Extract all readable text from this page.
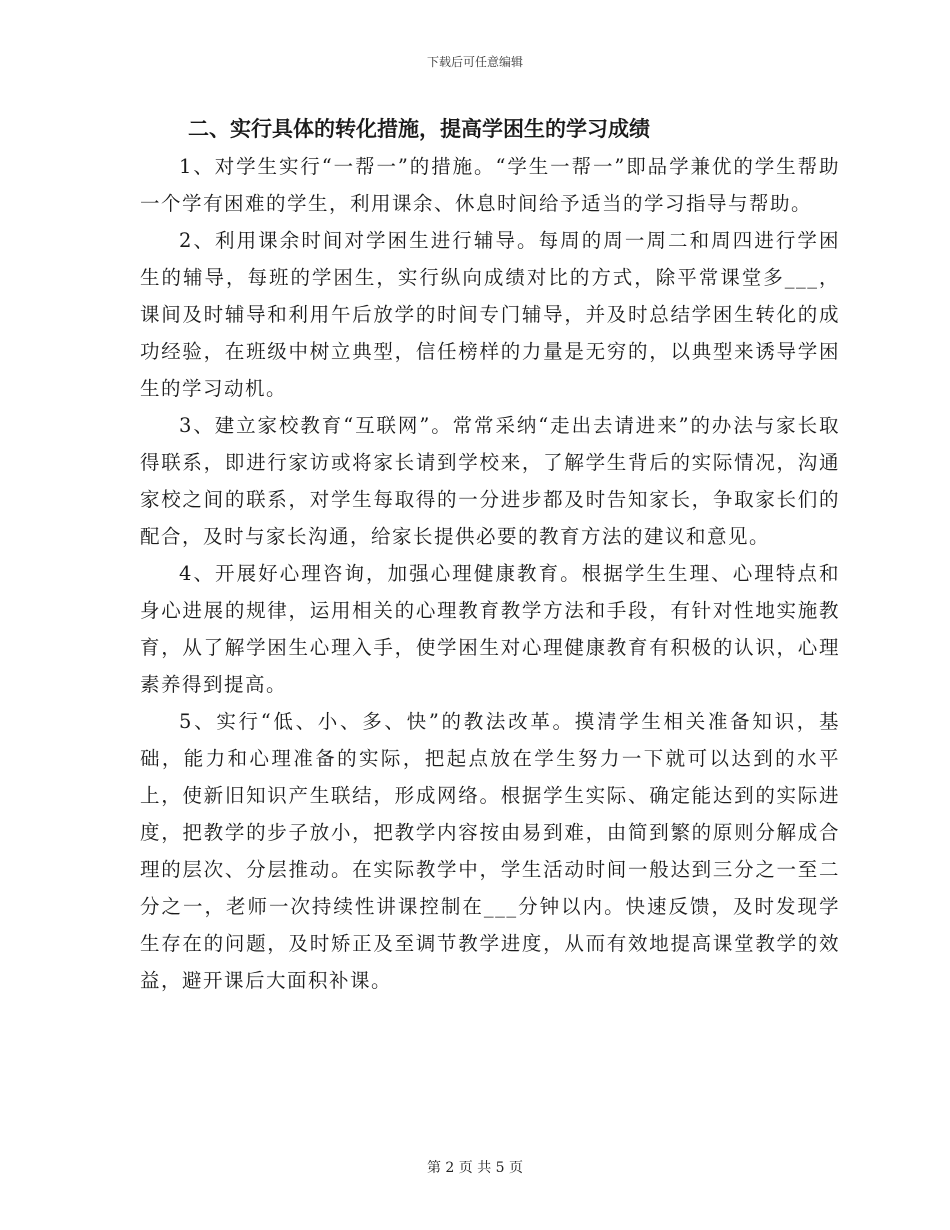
下载后可任意编辑
二、实行具体的转化措施，提高学困生的学习成绩

1、对学生实行“一帮一”的措施。“学生一帮一”即品学兼优的学生帮助一个学有困难的学生，利用课余、休息时间给予适当的学习指导与帮助。

2、利用课余时间对学困生进行辅导。每周的周一周二和周四进行学困生的辅导，每班的学困生，实行纵向成绩对比的方式，除平常课堂多___，课间及时辅导和利用午后放学的时间专门辅导，并及时总结学困生转化的成功经验，在班级中树立典型，信任榜样的力量是无穷的，以典型来诱导学困生的学习动机。

3、建立家校教育“互联网”。常常采纳“走出去请进来”的办法与家长取得联系，即进行家访或将家长请到学校来，了解学生背后的实际情况，沟通家校之间的联系，对学生每取得的一分进步都及时告知家长，争取家长们的配合，及时与家长沟通，给家长提供必要的教育方法的建议和意见。

4、开展好心理咨询，加强心理健康教育。根据学生生理、心理特点和身心进展的规律，运用相关的心理教育教学方法和手段，有针对性地实施教育，从了解学困生心理入手，使学困生对心理健康教育有积极的认识，心理素养得到提高。

5、实行“低、小、多、快”的教法改革。摸清学生相关准备知识，基础，能力和心理准备的实际，把起点放在学生努力一下就可以达到的水平上，使新旧知识产生联结，形成网络。根据学生实际、确定能达到的实际进度，把教学的步子放小，把教学内容按由易到难，由简到繁的原则分解成合理的层次、分层推动。在实际教学中，学生活动时间一般达到三分之一至二分之一，老师一次持续性讲课控制在___分钟以内。快速反馈，及时发现学生存在的问题，及时矫正及至调节教学进度，从而有效地提高课堂教学的效益，避开课后大面积补课。

第 2 页 共 5 页
